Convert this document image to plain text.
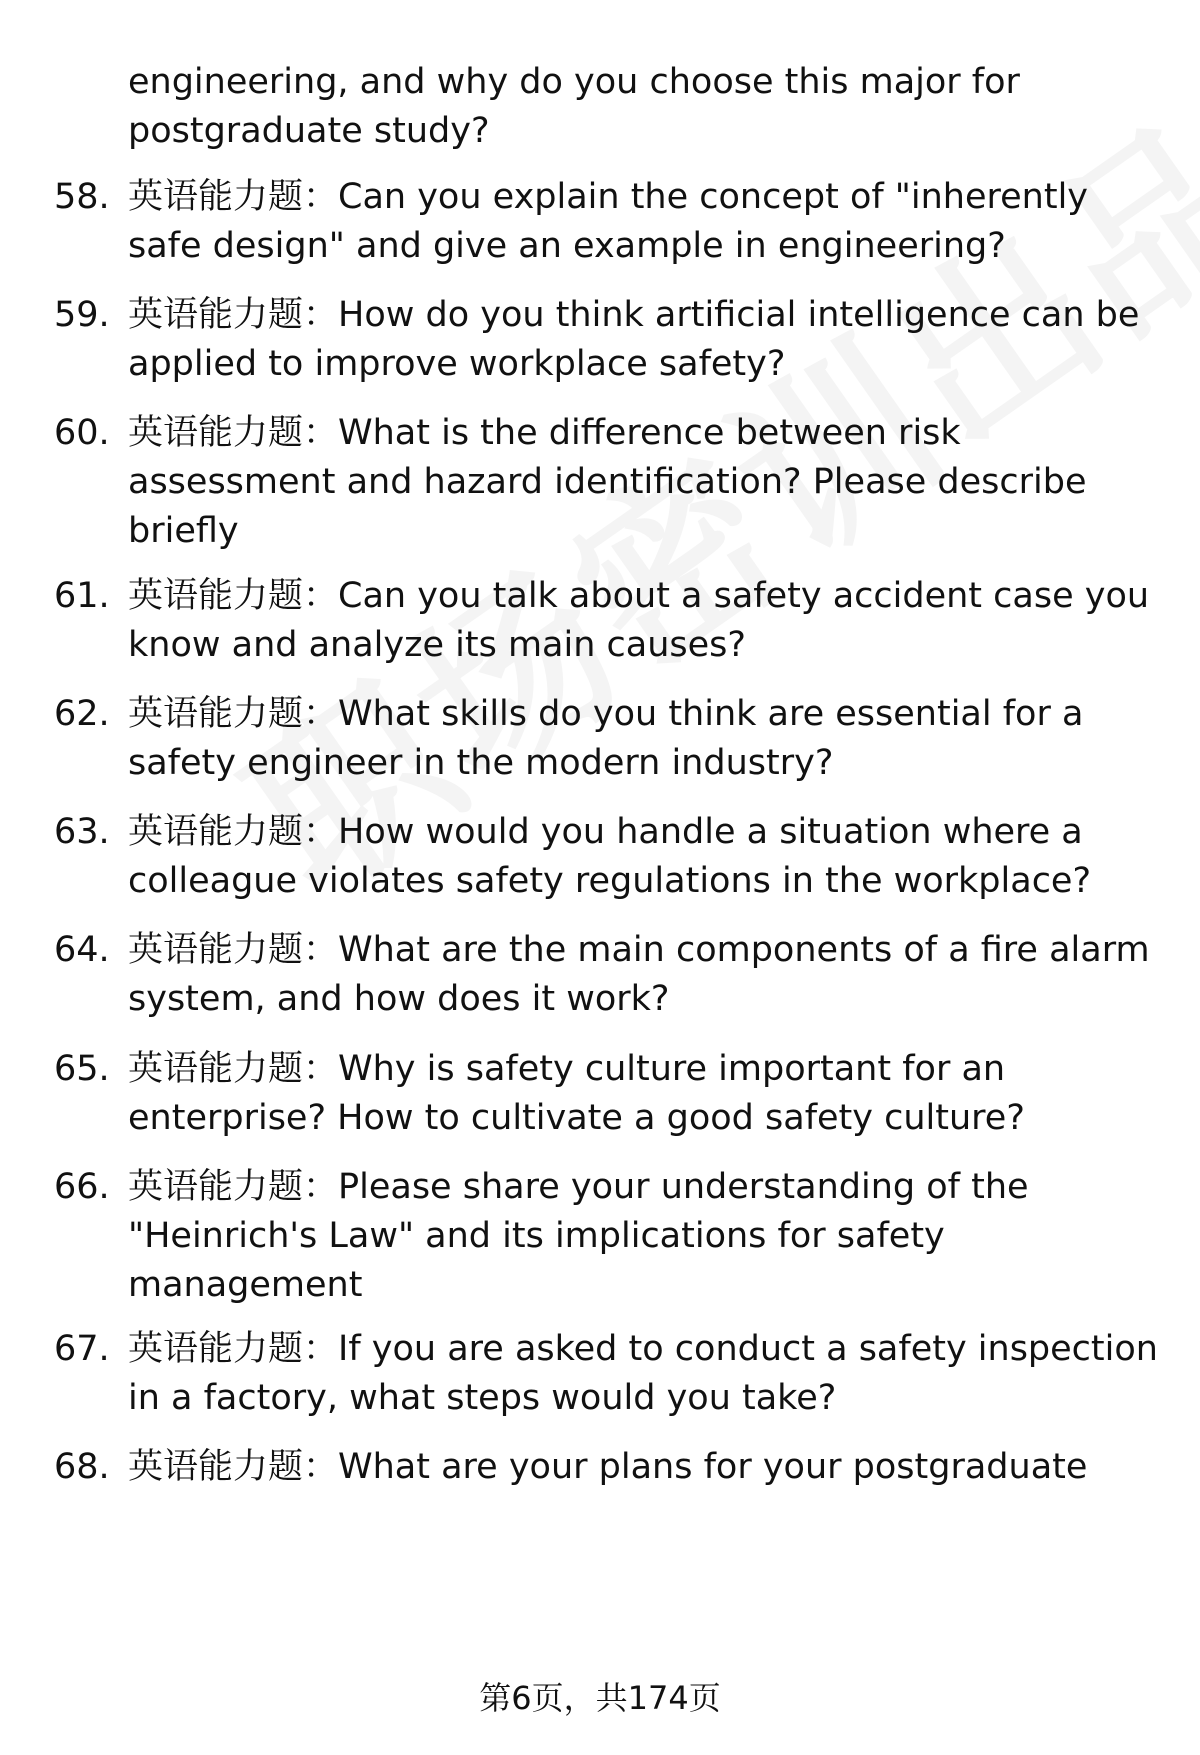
engineering, and why do you choose this major for postgraduate study?
58. 英语能力题：Can you explain the concept of "inherently safe design" and give an example in engineering?
59. 英语能力题：How do you think artificial intelligence can be applied to improve workplace safety?
60. 英语能力题：What is the difference between risk assessment and hazard identification? Please describe briefly
61. 英语能力题：Can you talk about a safety accident case you know and analyze its main causes?
62. 英语能力题：What skills do you think are essential for a safety engineer in the modern industry?
63. 英语能力题：How would you handle a situation where a colleague violates safety regulations in the workplace?
64. 英语能力题：What are the main components of a fire alarm system, and how does it work?
65. 英语能力题：Why is safety culture important for an enterprise? How to cultivate a good safety culture?
66. 英语能力题：Please share your understanding of the "Heinrich's Law" and its implications for safety management
67. 英语能力题：If you are asked to conduct a safety inspection in a factory, what steps would you take?
68. 英语能力题：What are your plans for your postgraduate
第6页，共174页
